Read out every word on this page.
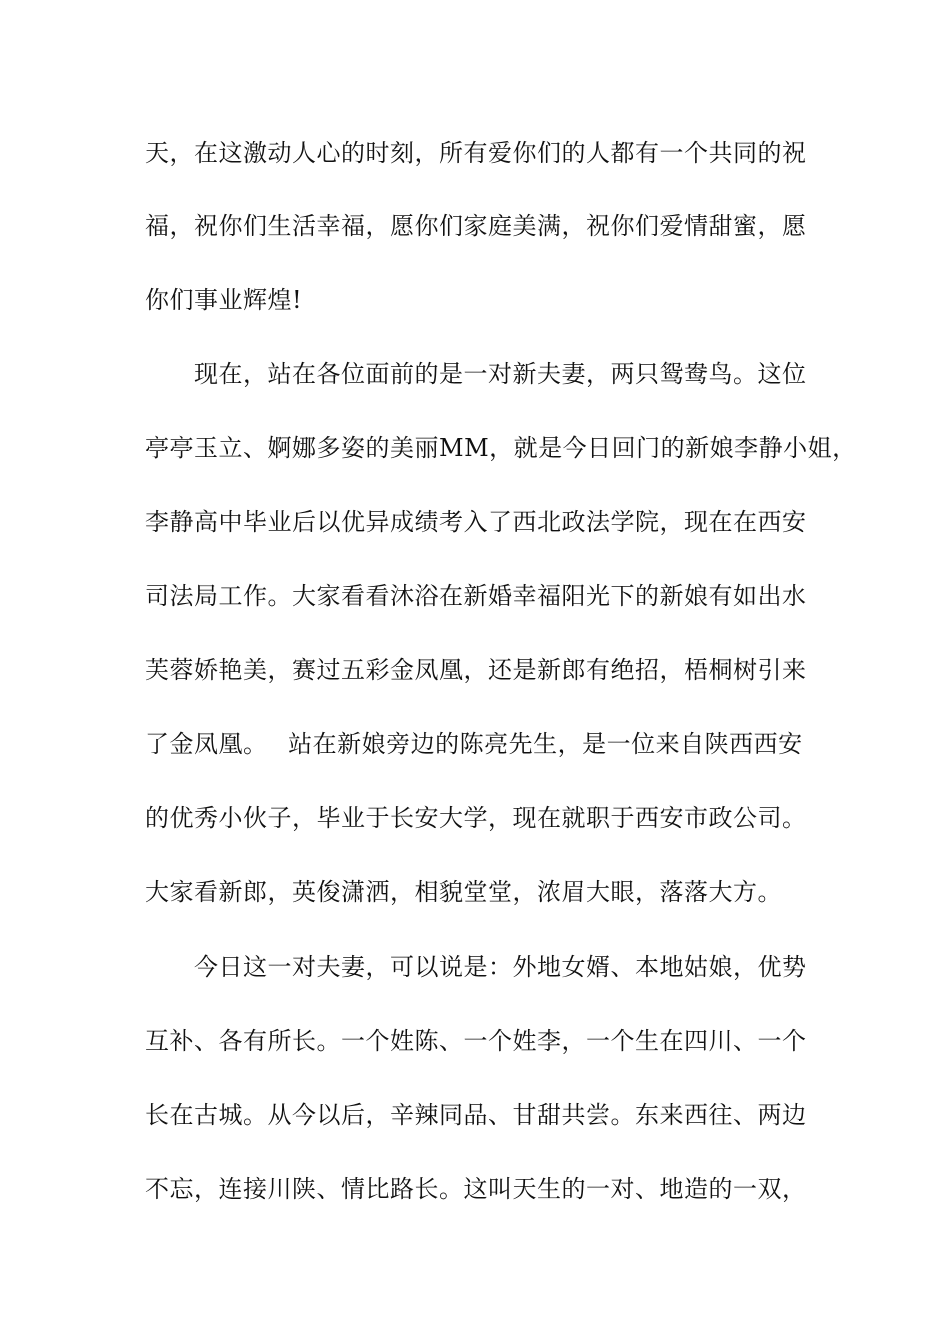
天，在这激动人心的时刻，所有爱你们的人都有一个共同的祝
福，祝你们生活幸福，愿你们家庭美满，祝你们爱情甜蜜，愿
你们事业辉煌!
　　现在，站在各位面前的是一对新夫妻，两只鸳鸯鸟。这位
亭亭玉立、婀娜多姿的美丽MM，就是今日回门的新娘李静小姐，
李静高中毕业后以优异成绩考入了西北政法学院，现在在西安
司法局工作。大家看看沐浴在新婚幸福阳光下的新娘有如出水
芙蓉娇艳美，赛过五彩金凤凰，还是新郎有绝招，梧桐树引来
了金凤凰。　 站在新娘旁边的陈亮先生，是一位来自陕西西安
的优秀小伙子，毕业于长安大学，现在就职于西安市政公司。
大家看新郎，英俊潇洒，相貌堂堂，浓眉大眼，落落大方。
　　今日这一对夫妻，可以说是：外地女婿、本地姑娘，优势
互补、各有所长。一个姓陈、一个姓李，一个生在四川、一个
长在古城。从今以后，辛辣同品、甘甜共尝。东来西往、两边
不忘，连接川陕、情比路长。这叫天生的一对、地造的一双，
